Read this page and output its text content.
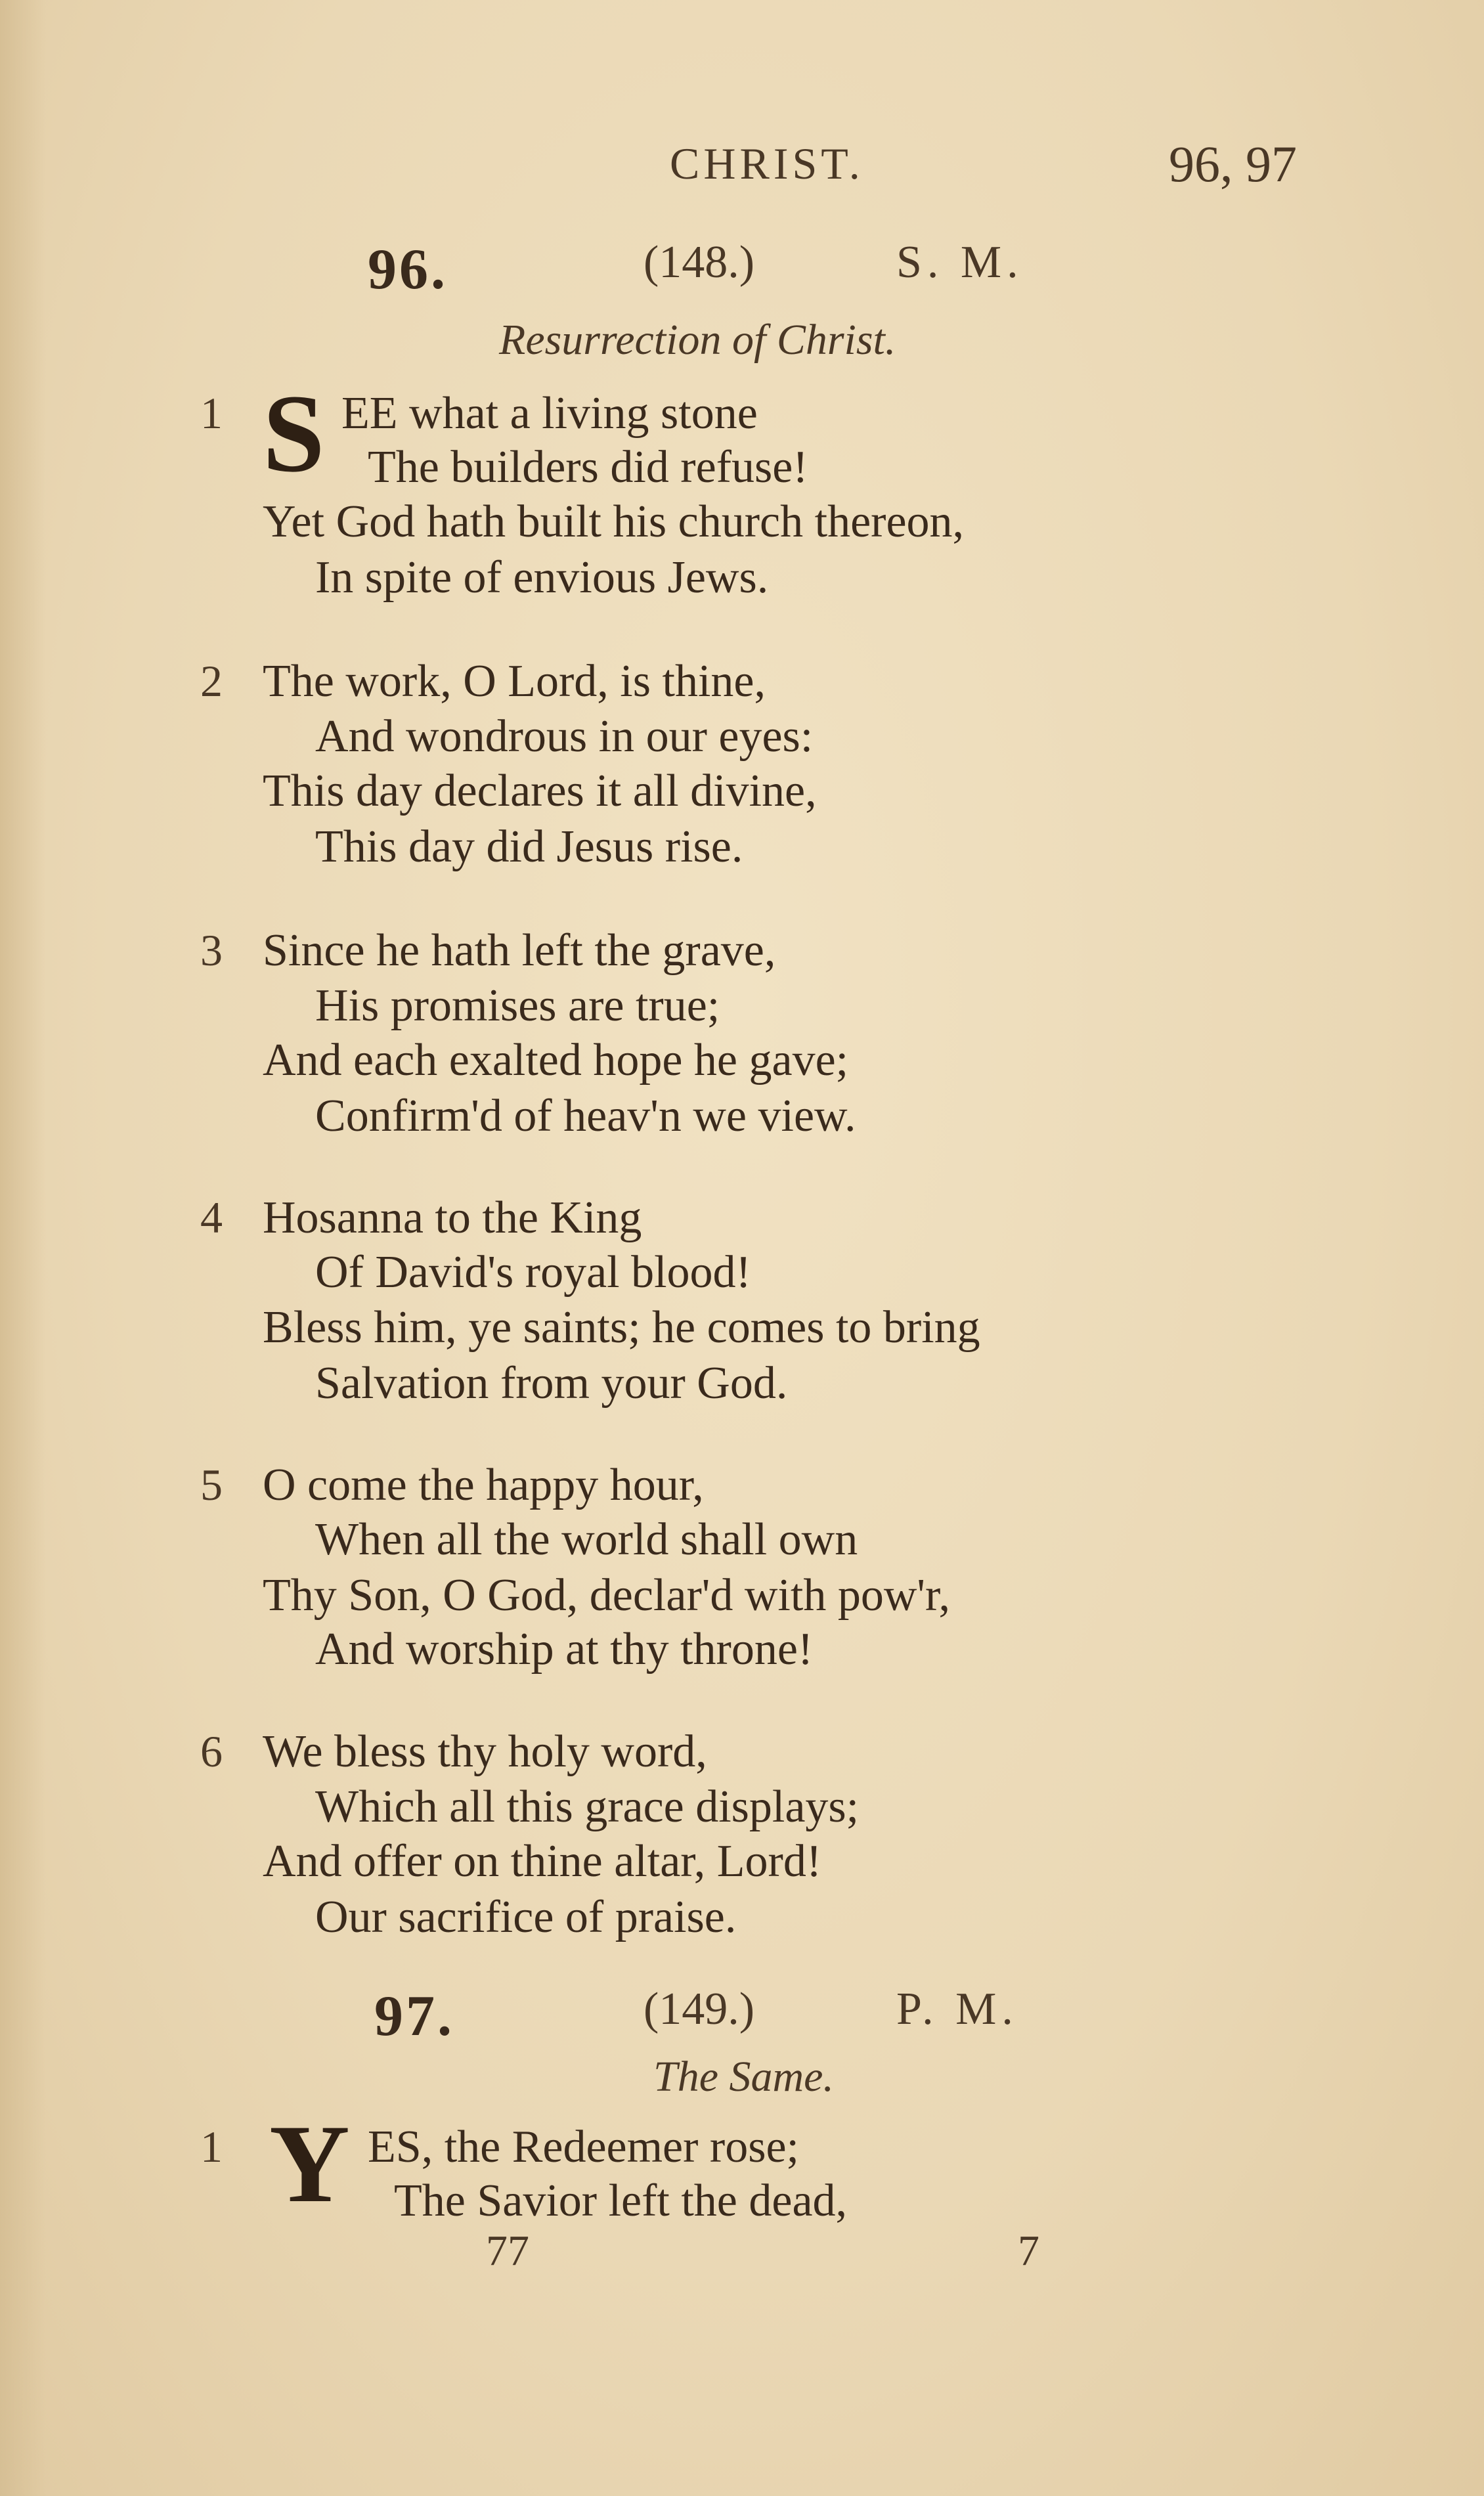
CHRIST.	96, 97
96.	(148.)	S. M.
Resurrection of Christ.
1 S EE what a living stone
The builders did refuse!
Yet God hath built his church thereon,
In spite of envious Jews.
2 The work, O Lord, is thine,
And wondrous in our eyes:
This day declares it all divine,
This day did Jesus rise.
3 Since he hath left the grave,
His promises are true;
And each exalted hope he gave;
Confirm'd of heav'n we view.
4 Hosanna to the King
Of David's royal blood!
Bless him, ye saints; he comes to bring
Salvation from your God.
5 O come the happy hour,
When all the world shall own
Thy Son, O God, declar'd with pow'r,
And worship at thy throne!
6 We bless thy holy word,
Which all this grace displays;
And offer on thine altar, Lord!
Our sacrifice of praise.
97.	(149.)	P. M.
The Same.
1 Y ES, the Redeemer rose;
The Savior left the dead,
77	7
